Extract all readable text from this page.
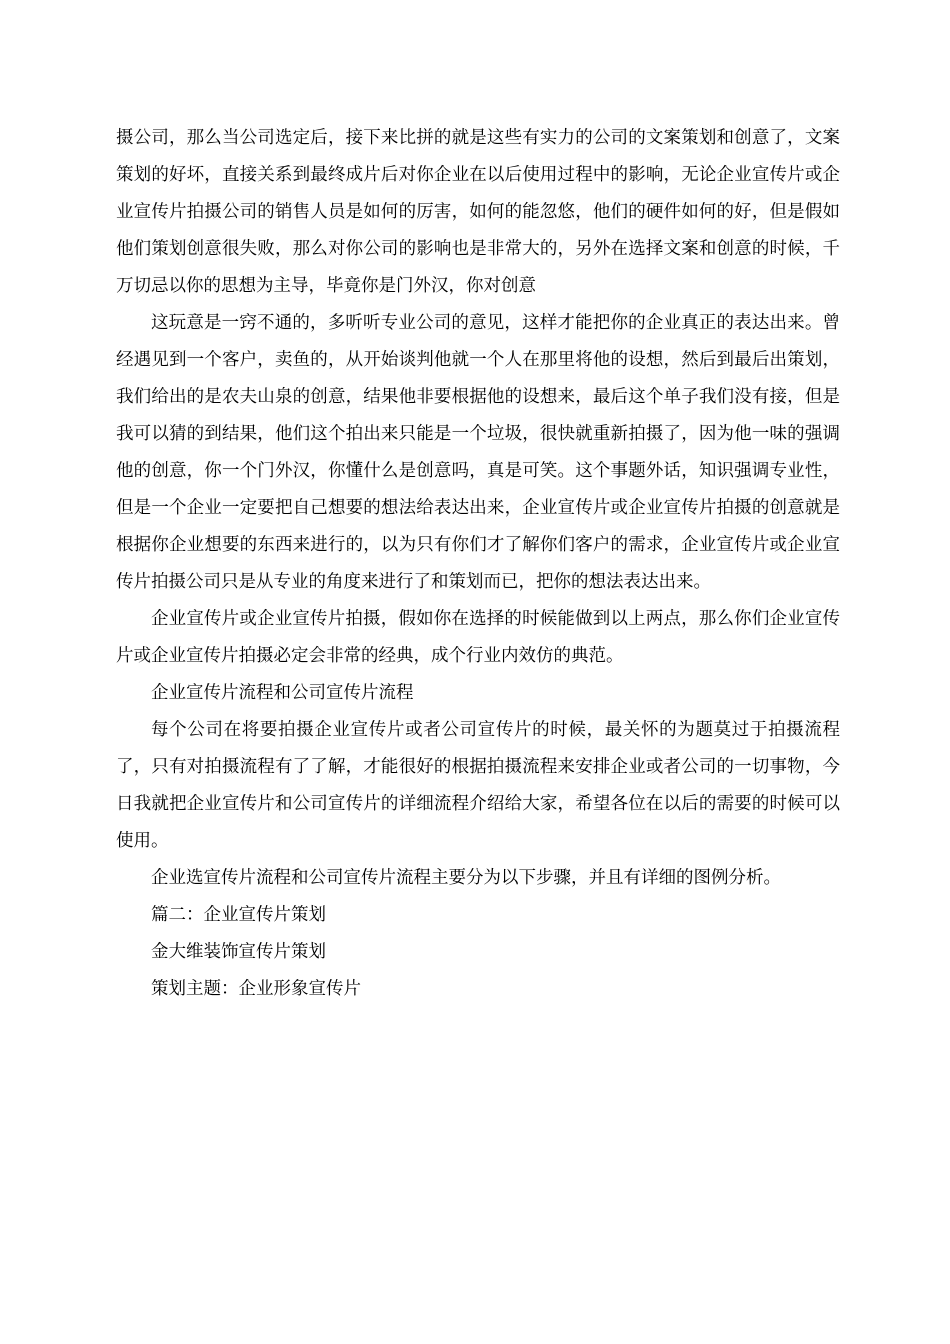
摄公司，那么当公司选定后，接下来比拼的就是这些有实力的公司的文案策划和创意了，文案策划的好坏，直接关系到最终成片后对你企业在以后使用过程中的影响，无论企业宣传片或企业宣传片拍摄公司的销售人员是如何的厉害，如何的能忽悠，他们的硬件如何的好，但是假如他们策划创意很失败，那么对你公司的影响也是非常大的，另外在选择文案和创意的时候，千万切忌以你的思想为主导，毕竟你是门外汉，你对创意

这玩意是一窍不通的，多听听专业公司的意见，这样才能把你的企业真正的表达出来。曾经遇见到一个客户，卖鱼的，从开始谈判他就一个人在那里将他的设想，然后到最后出策划，我们给出的是农夫山泉的创意，结果他非要根据他的设想来，最后这个单子我们没有接，但是我可以猜的到结果，他们这个拍出来只能是一个垃圾，很快就重新拍摄了，因为他一味的强调他的创意，你一个门外汉，你懂什么是创意吗，真是可笑。这个事题外话，知识强调专业性，但是一个企业一定要把自己想要的想法给表达出来，企业宣传片或企业宣传片拍摄的创意就是根据你企业想要的东西来进行的，以为只有你们才了解你们客户的需求，企业宣传片或企业宣传片拍摄公司只是从专业的角度来进行了和策划而已，把你的想法表达出来。

企业宣传片或企业宣传片拍摄，假如你在选择的时候能做到以上两点，那么你们企业宣传片或企业宣传片拍摄必定会非常的经典，成个行业内效仿的典范。

企业宣传片流程和公司宣传片流程

每个公司在将要拍摄企业宣传片或者公司宣传片的时候，最关怀的为题莫过于拍摄流程了，只有对拍摄流程有了了解，才能很好的根据拍摄流程来安排企业或者公司的一切事物，今日我就把企业宣传片和公司宣传片的详细流程介绍给大家，希望各位在以后的需要的时候可以使用。

企业选宣传片流程和公司宣传片流程主要分为以下步骤，并且有详细的图例分析。

篇二：企业宣传片策划

金大维装饰宣传片策划

策划主题：企业形象宣传片
